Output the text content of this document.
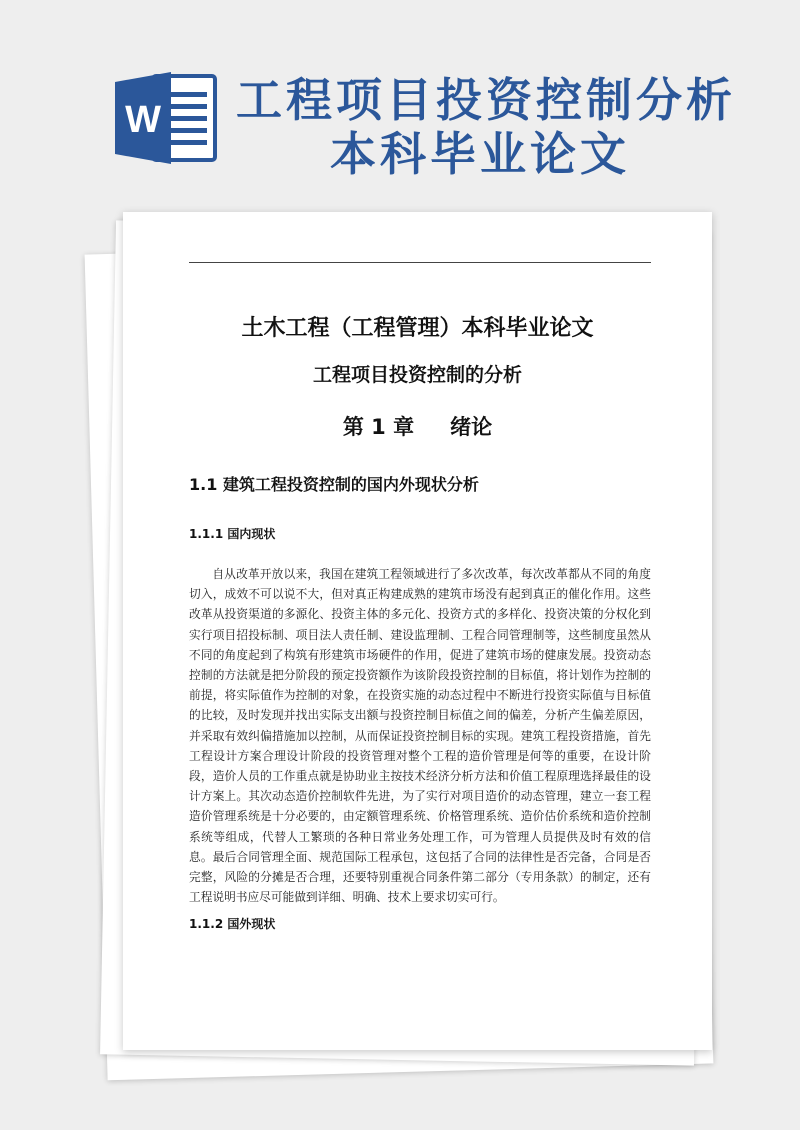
W 工程项目投资控制分析
本科毕业论文
土木工程（工程管理）本科毕业论文
工程项目投资控制的分析
第 1 章 绪论
1.1 建筑工程投资控制的国内外现状分析
1.1.1 国内现状

自从改革开放以来，我国在建筑工程领域进行了多次改革，每次改革都从不同的角度切入，成效不可以说不大，但对真正构建成熟的建筑市场没有起到真正的催化作用。这些改革从投资渠道的多源化、投资主体的多元化、投资方式的多样化、投资决策的分权化到实行项目招投标制、项目法人责任制、建设监理制、工程合同管理制等，这些制度虽然从不同的角度起到了构筑有形建筑市场硬件的作用，促进了建筑市场的健康发展。投资动态控制的方法就是把分阶段的预定投资额作为该阶段投资控制的目标值，将计划作为控制的前提，将实际值作为控制的对象，在投资实施的动态过程中不断进行投资实际值与目标值的比较，及时发现并找出实际支出额与投资控制目标值之间的偏差，分析产生偏差原因，并采取有效纠偏措施加以控制，从而保证投资控制目标的实现。建筑工程投资措施，首先工程设计方案合理设计阶段的投资管理对整个工程的造价管理是何等的重要，在设计阶段，造价人员的工作重点就是协助业主按技术经济分析方法和价值工程原理选择最佳的设计方案上。其次动态造价控制软件先进，为了实行对项目造价的动态管理，建立一套工程造价管理系统是十分必要的，由定额管理系统、价格管理系统、造价估价系统和造价控制系统等组成，代替人工繁琐的各种日常业务处理工作，可为管理人员提供及时有效的信息。最后合同管理全面、规范国际工程承包，这包括了合同的法律性是否完备，合同是否完整，风险的分摊是否合理，还要特别重视合同条件第二部分（专用条款）的制定，还有工程说明书应尽可能做到详细、明确、技术上要求切实可行。

1.1.2 国外现状
